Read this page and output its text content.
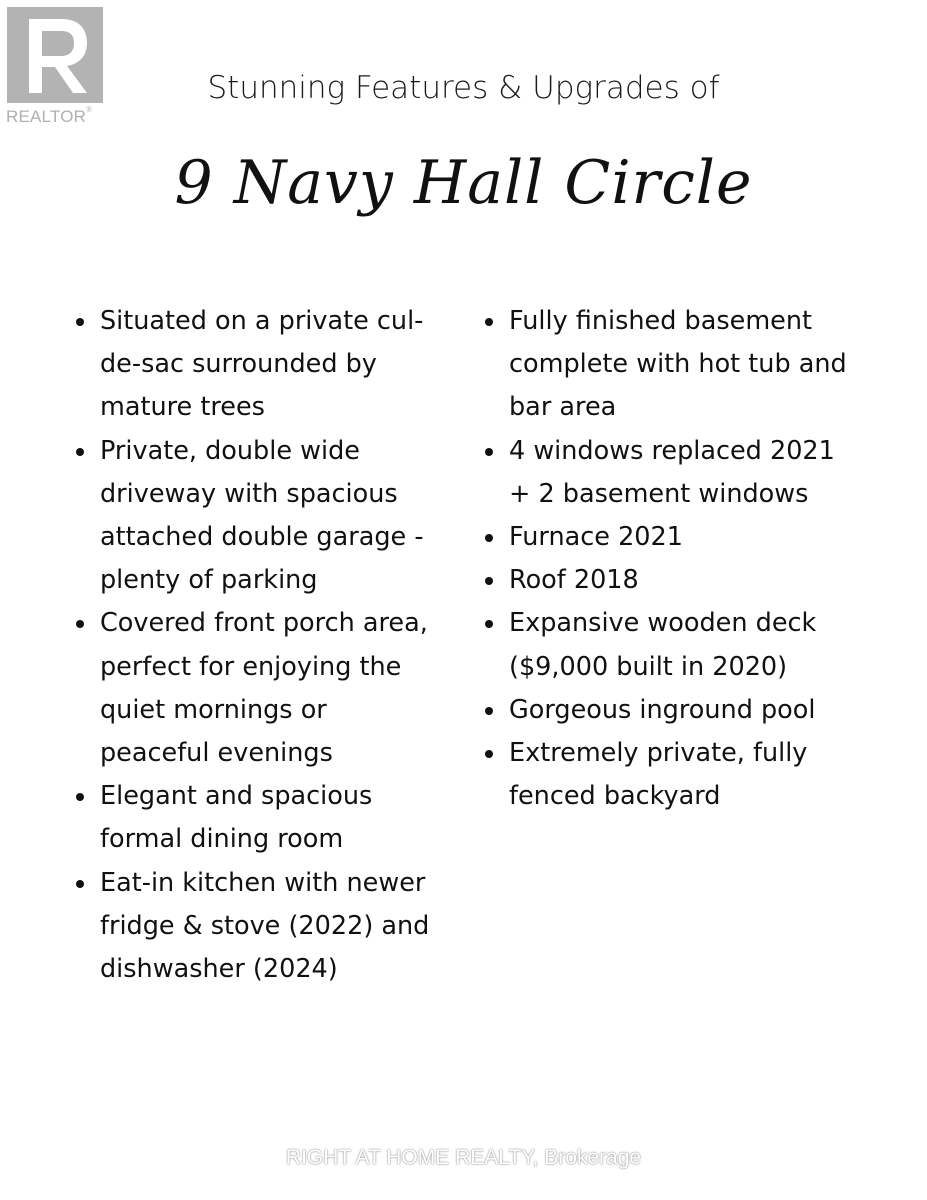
REALTOR®
Stunning Features & Upgrades of
9 Navy Hall Circle
Situated on a private cul-
de-sac surrounded by
mature trees
Private, double wide
driveway with spacious
attached double garage -
plenty of parking
Covered front porch area,
perfect for enjoying the
quiet mornings or
peaceful evenings
Elegant and spacious
formal dining room
Eat-in kitchen with newer
fridge & stove (2022) and
dishwasher (2024)
Fully finished basement
complete with hot tub and
bar area
4 windows replaced 2021
+ 2 basement windows
Furnace 2021
Roof 2018
Expansive wooden deck
($9,000 built in 2020)
Gorgeous inground pool
Extremely private, fully
fenced backyard
RIGHT AT HOME REALTY, Brokerage
